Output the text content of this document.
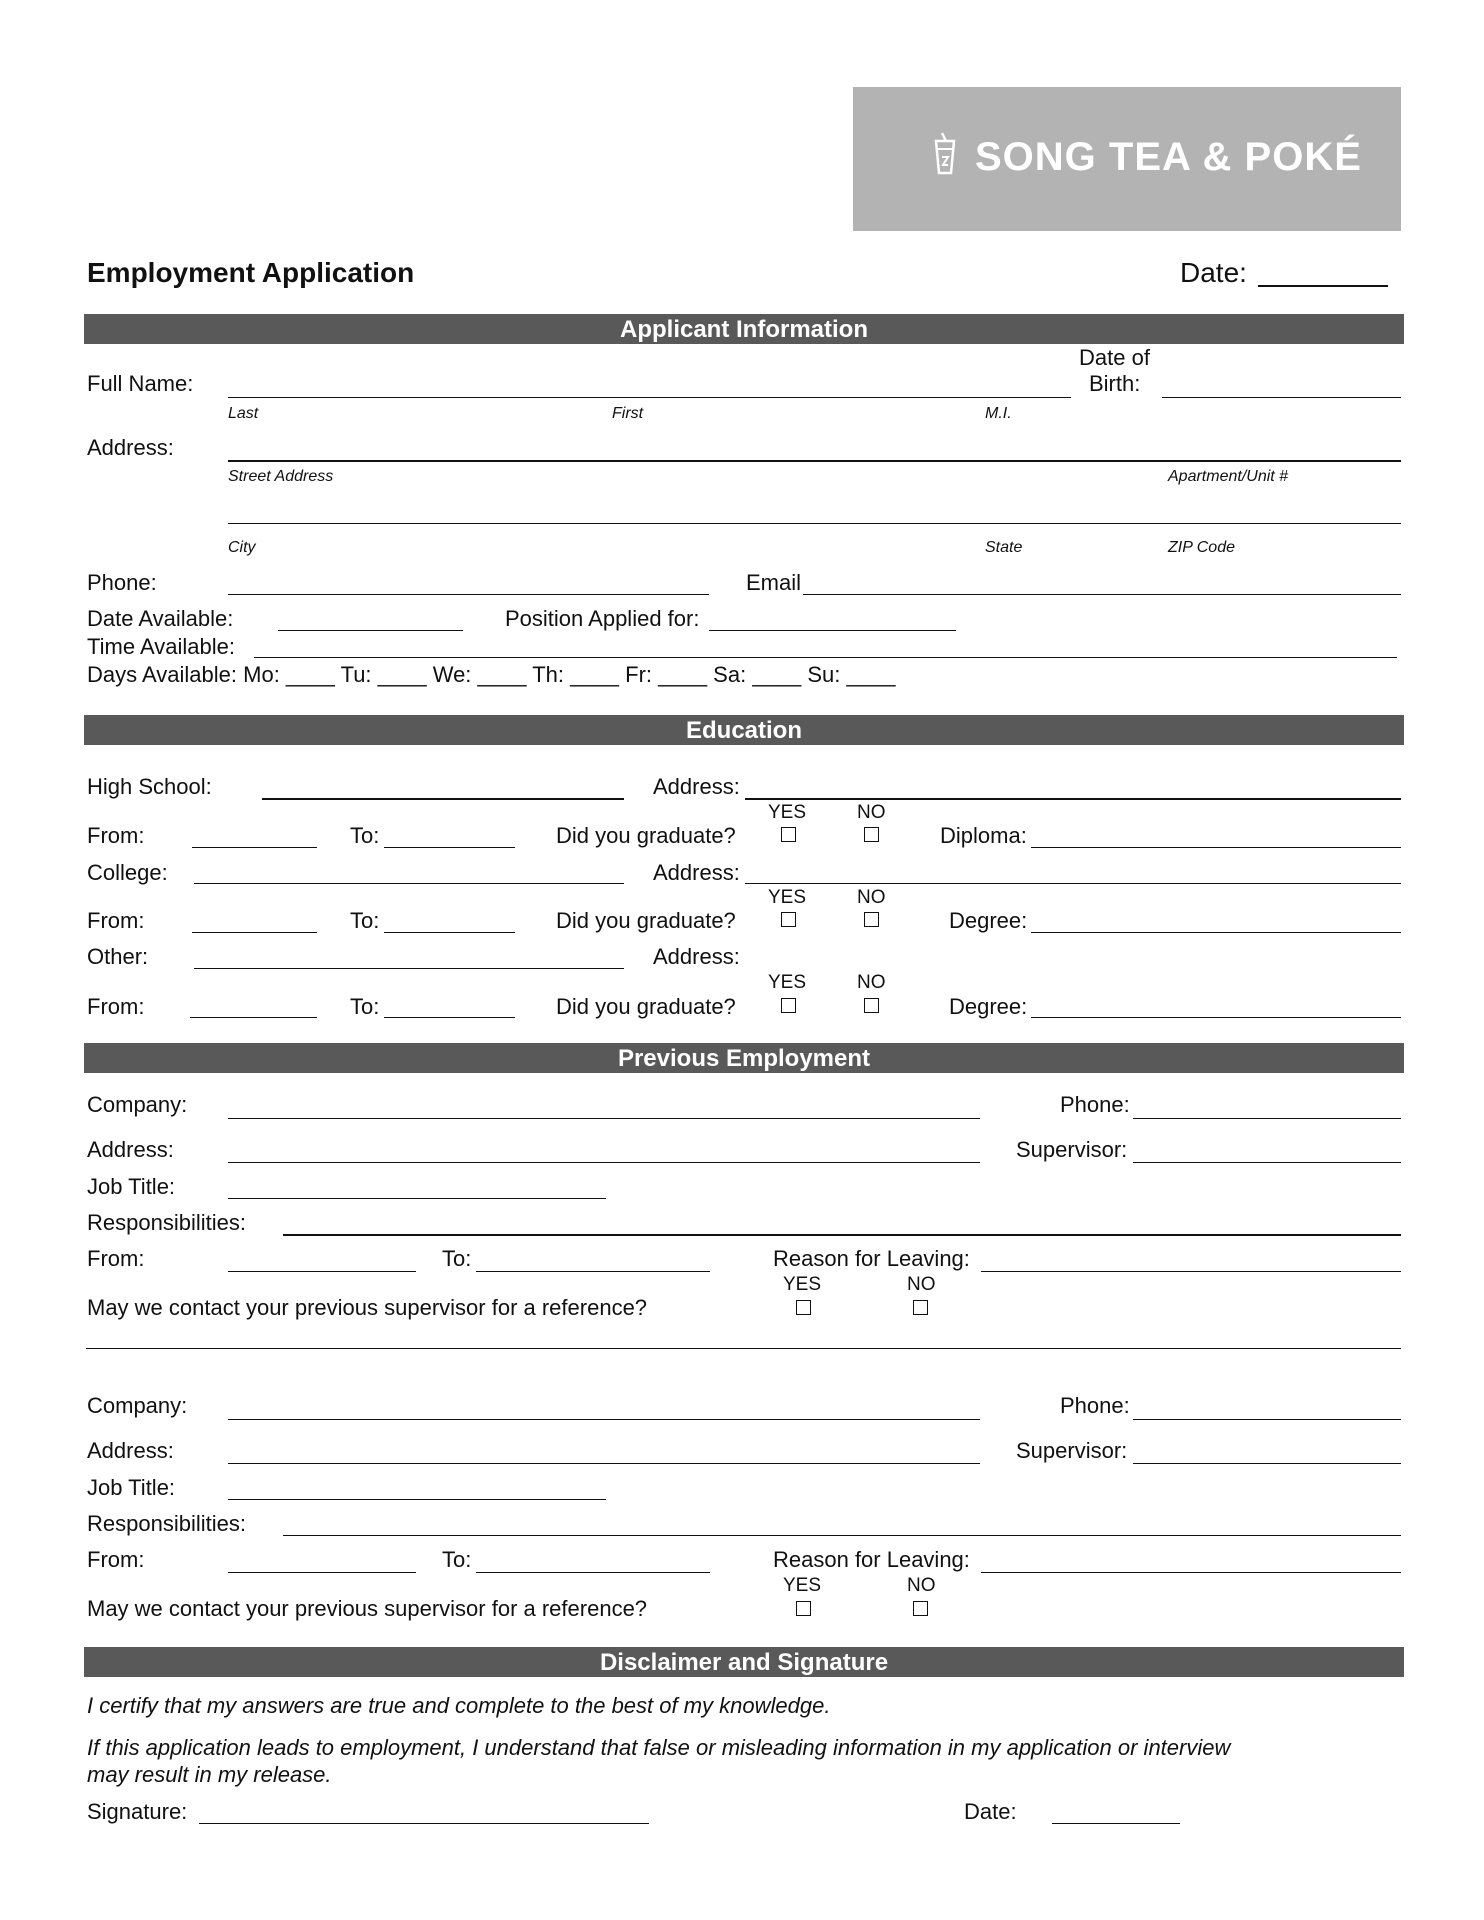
SONG TEA & POKÉ
Employment Application	Date:
Applicant Information
Full Name:
Date of
Birth:
Last	First	M.I.
Address:
Street Address	Apartment/Unit #
City	State	ZIP Code
Phone:	Email
Date Available:	Position Applied for:
Time Available:
Days Available: Mo: ____ Tu: ____ We: ____ Th: ____ Fr: ____ Sa: ____ Su: ____
Education
High School:	Address:
YES	NO
From:	To:	Did you graduate?	Diploma:
College:	Address:
YES	NO
From:	To:	Did you graduate?	Degree:
Other:	Address:
YES	NO
From:	To:	Did you graduate?	Degree:
Previous Employment
Company:	Phone:
Address:	Supervisor:
Job Title:
Responsibilities:
From:	To:	Reason for Leaving:
YES	NO
May we contact your previous supervisor for a reference?
Company:	Phone:
Address:	Supervisor:
Job Title:
Responsibilities:
From:	To:	Reason for Leaving:
YES	NO
May we contact your previous supervisor for a reference?
Disclaimer and Signature
I certify that my answers are true and complete to the best of my knowledge.
If this application leads to employment, I understand that false or misleading information in my application or interview
may result in my release.
Signature:	Date:
